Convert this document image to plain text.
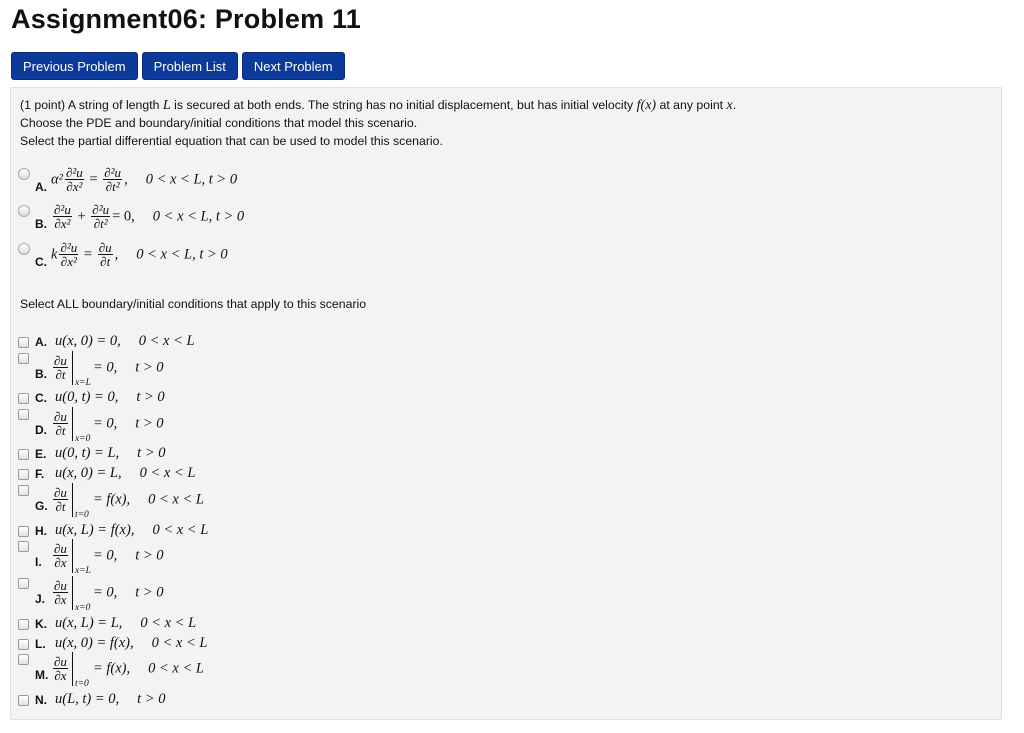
Assignment06: Problem 11
Previous Problem	Problem List	Next Problem
(1 point) A string of length L is secured at both ends. The string has no initial displacement, but has initial velocity f(x) at any point x.
Choose the PDE and boundary/initial conditions that model this scenario.
Select the partial differential equation that can be used to model this scenario.
A. $\alpha^2 \frac{\text{∂²u}}{\text{∂x²}} = \frac{\text{∂²u}}{\text{∂t²}}$ , 0 < x < L, t > 0
B. $\frac{\text{∂²u}}{\text{∂x²}} + \frac{\text{∂²u}}{\text{∂t²}} = 0$, 0 < x < L, t > 0
C. k $\frac{\text{∂²u}}{\text{∂x²}} = \frac{\partial u}{\partial t}$ , 0 < x < L, t > 0
Select ALL boundary/initial conditions that apply to this scenario
A. u(x, 0) = 0, 0 < x < L
B. $\frac{\partial u}{\partial t}$
x=L
= 0, t > 0
C. u(0, t) = 0, t > 0
D. $\frac{\partial u}{\partial t}$
x=0
= 0, t > 0
E. u(0, t) = L, t > 0
F. u(x, 0) = L, 0 < x < L
G. $\frac{\partial u}{\partial t}$
t=0
= f(x), 0 < x < L
H. u(x, L) = f(x), 0 < x < L
I. $\frac{\partial u}{\partial x}$
x=L
= 0, t > 0
J. $\frac{\partial u}{\partial x}$
x=0
= 0, t > 0
K. u(x, L) = L, 0 < x < L
L. u(x, 0) = f(x), 0 < x < L
M. $\frac{\partial u}{\partial x}$
t=0
= f(x), 0 < x < L
N. u(L, t) = 0, t > 0
